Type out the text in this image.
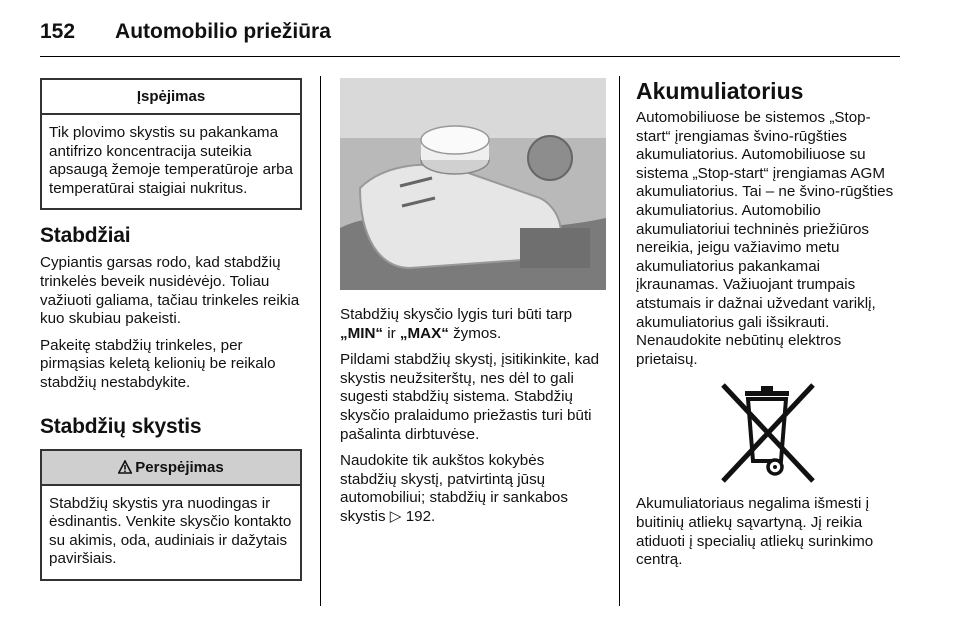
152 Automobilio priežiūra
Įspėjimas
Tik plovimo skystis su pakankama antifrizo koncentracija suteikia apsaugą žemoje temperatūroje arba temperatūrai staigiai nukritus.
Stabdžiai

Cypiantis garsas rodo, kad stabdžių trinkelės beveik nusidėvėjo. Toliau važiuoti galiama, tačiau trinkeles reikia kuo skubiau pakeisti.

Pakeitę stabdžių trinkeles, per pirmąsias keletą kelionių be reikalo stabdžių nestabdykite.

Stabdžių skystis
Perspėjimas
Stabdžių skystis yra nuodingas ir ėsdinantis. Venkite skysčio kontakto su akimis, oda, audiniais ir dažytais paviršiais.

Stabdžių skysčio lygis turi būti tarp
„MIN“ ir „MAX“ žymos.

Pildami stabdžių skystį, įsitikinkite, kad skystis neužsiterštų, nes dėl to gali sugesti stabdžių sistema. Stabdžių skysčio pralaidumo priežastis turi būti pašalinta dirbtuvėse.

Naudokite tik aukštos kokybės stabdžių skystį, patvirtintą jūsų automobiliui; stabdžių ir sankabos skystis ▷ 192.

Akumuliatorius

Automobiliuose be sistemos „Stop-start“ įrengiamas švino-rūgšties akumuliatorius. Automobiliuose su sistema „Stop-start“ įrengiamas AGM akumuliatorius. Tai – ne švino-rūgšties akumuliatorius. Automobilio akumuliatoriui techninės priežiūros nereikia, jeigu važiavimo metu akumuliatorius pakankamai įkraunamas. Važiuojant trumpais atstumais ir dažnai užvedant variklį, akumuliatorius gali išsikrauti. Nenaudokite nebūtinų elektros prietaisų.

Akumuliatoriaus negalima išmesti į buitinių atliekų sąvartyną. Jį reikia atiduoti į specialių atliekų surinkimo centrą.
